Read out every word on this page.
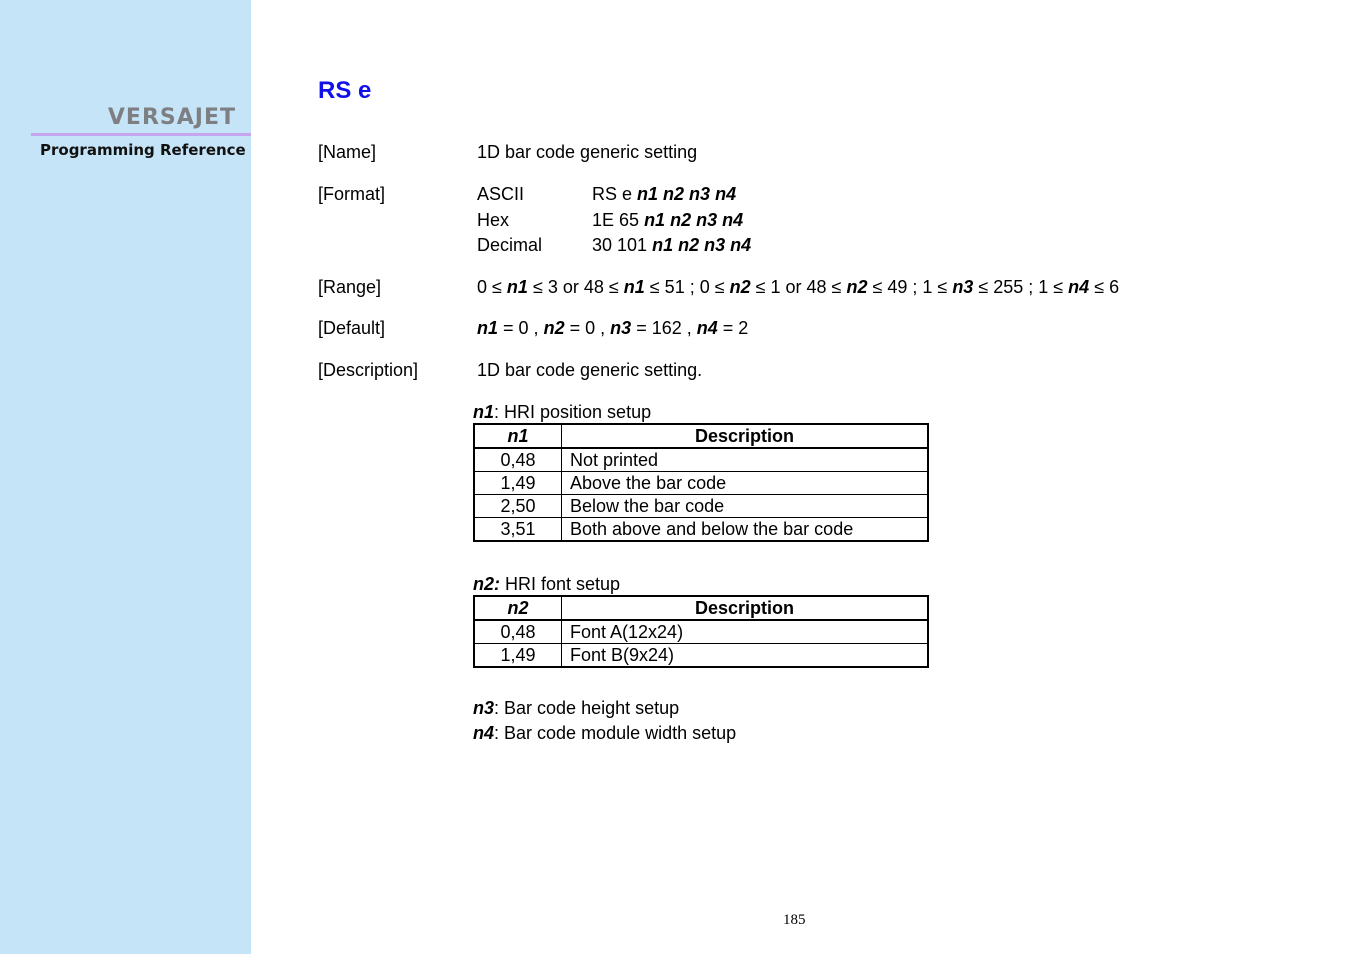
VERSAJET
Programming Reference
RS e
[Name]	1D bar code generic setting
[Format]	ASCII	RS e n1 n2 n3 n4
Hex	1E 65 n1 n2 n3 n4
Decimal	30 101 n1 n2 n3 n4
[Range]	0 ≤ n1 ≤ 3 or 48 ≤ n1 ≤ 51 ; 0 ≤ n2 ≤ 1 or 48 ≤ n2 ≤ 49 ; 1 ≤ n3 ≤ 255 ; 1 ≤ n4 ≤ 6
[Default]	n1 = 0 , n2 = 0 , n3 = 162 , n4 = 2
[Description]	1D bar code generic setting.
n1: HRI position setup
n1	Description
0,48	Not printed
1,49	Above the bar code
2,50	Below the bar code
3,51	Both above and below the bar code
n2: HRI font setup
n2	Description
0,48	Font A(12x24)
1,49	Font B(9x24)
n3: Bar code height setup
n4: Bar code module width setup
185
